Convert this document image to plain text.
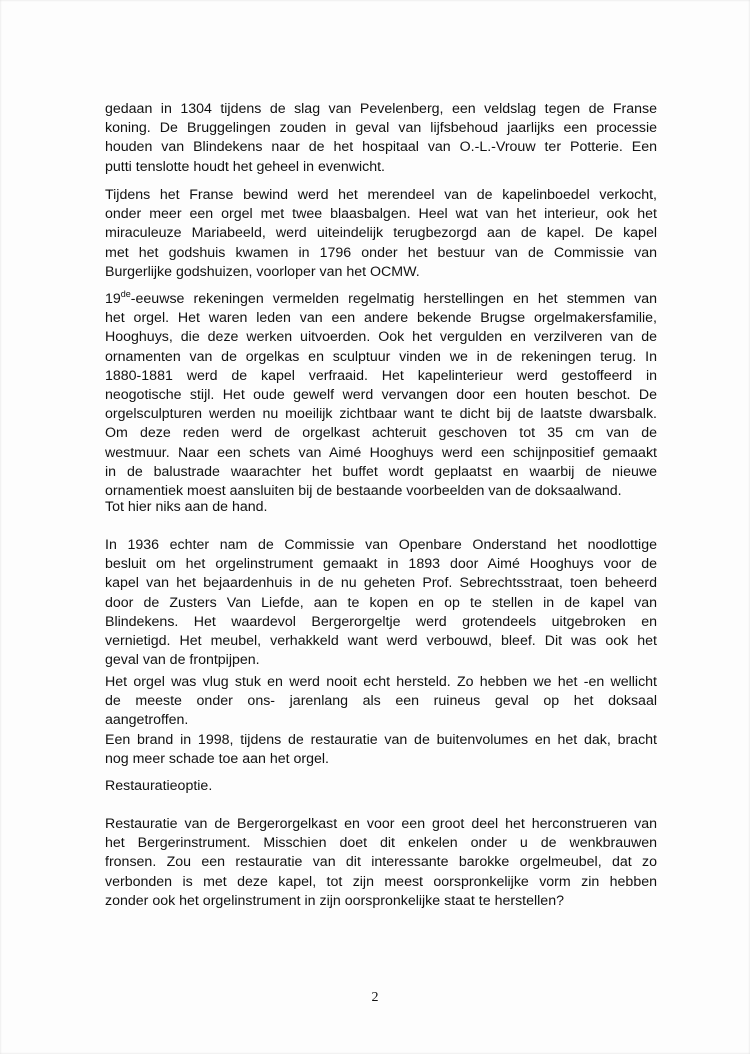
gedaan in 1304 tijdens de slag van Pevelenberg, een veldslag tegen de Franse
koning. De Bruggelingen zouden in geval van lijfsbehoud jaarlijks een processie
houden van Blindekens naar de het hospitaal van O.-L.-Vrouw ter Potterie. Een
putti tenslotte houdt het geheel in evenwicht.

Tijdens het Franse bewind werd het merendeel van de kapelinboedel verkocht,
onder meer een orgel met twee blaasbalgen. Heel wat van het interieur, ook het
miraculeuze Mariabeeld, werd uiteindelijk terugbezorgd aan de kapel. De kapel
met het godshuis kwamen in 1796 onder het bestuur van de Commissie van
Burgerlijke godshuizen, voorloper van het OCMW.

19de-eeuwse rekeningen vermelden regelmatig herstellingen en het stemmen van
het orgel. Het waren leden van een andere bekende Brugse orgelmakersfamilie,
Hooghuys, die deze werken uitvoerden. Ook het vergulden en verzilveren van de
ornamenten van de orgelkas en sculptuur vinden we in de rekeningen terug. In
1880-1881 werd de kapel verfraaid. Het kapelinterieur werd gestoffeerd in
neogotische stijl. Het oude gewelf werd vervangen door een houten beschot. De
orgelsculpturen werden nu moeilijk zichtbaar want te dicht bij de laatste dwarsbalk.
Om deze reden werd de orgelkast achteruit geschoven tot 35 cm van de
westmuur. Naar een schets van Aimé Hooghuys werd een schijnpositief gemaakt
in de balustrade waarachter het buffet wordt geplaatst en waarbij de nieuwe
ornamentiek moest aansluiten bij de bestaande voorbeelden van de doksaalwand.

Tot hier niks aan de hand.

In 1936 echter nam de Commissie van Openbare Onderstand het noodlottige
besluit om het orgelinstrument gemaakt in 1893 door Aimé Hooghuys voor de
kapel van het bejaardenhuis in de nu geheten Prof. Sebrechtsstraat, toen beheerd
door de Zusters Van Liefde, aan te kopen en op te stellen in de kapel van
Blindekens. Het waardevol Bergerorgeltje werd grotendeels uitgebroken en
vernietigd. Het meubel, verhakkeld want werd verbouwd, bleef. Dit was ook het
geval van de frontpijpen.

Het orgel was vlug stuk en werd nooit echt hersteld. Zo hebben we het -en wellicht
de meeste onder ons- jarenlang als een ruineus geval op het doksaal
aangetroffen.
Een brand in 1998, tijdens de restauratie van de buitenvolumes en het dak, bracht
nog meer schade toe aan het orgel.

Restauratieoptie.

Restauratie van de Bergerorgelkast en voor een groot deel het herconstrueren van
het Bergerinstrument. Misschien doet dit enkelen onder u de wenkbrauwen
fronsen. Zou een restauratie van dit interessante barokke orgelmeubel, dat zo
verbonden is met deze kapel, tot zijn meest oorspronkelijke vorm zin hebben
zonder ook het orgelinstrument in zijn oorspronkelijke staat te herstellen?

2
